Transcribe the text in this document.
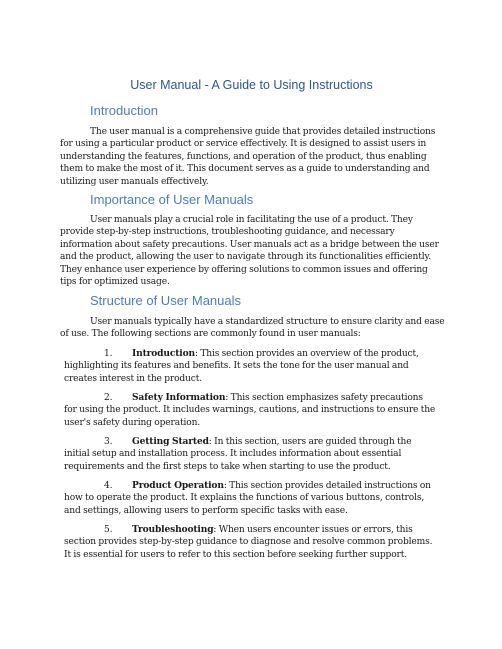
User Manual - A Guide to Using Instructions
Introduction

The user manual is a comprehensive guide that provides detailed instructions for using a particular product or service effectively. It is designed to assist users in understanding the features, functions, and operation of the product, thus enabling them to make the most of it. This document serves as a guide to understanding and utilizing user manuals effectively.

Importance of User Manuals

User manuals play a crucial role in facilitating the use of a product. They provide step-by-step instructions, troubleshooting guidance, and necessary information about safety precautions. User manuals act as a bridge between the user and the product, allowing the user to navigate through its functionalities efficiently. They enhance user experience by offering solutions to common issues and offering tips for optimized usage.

Structure of User Manuals

User manuals typically have a standardized structure to ensure clarity and ease of use. The following sections are commonly found in user manuals:

1. Introduction: This section provides an overview of the product, highlighting its features and benefits. It sets the tone for the user manual and creates interest in the product.

2. Safety Information: This section emphasizes safety precautions for using the product. It includes warnings, cautions, and instructions to ensure the user's safety during operation.

3. Getting Started: In this section, users are guided through the initial setup and installation process. It includes information about essential requirements and the first steps to take when starting to use the product.

4. Product Operation: This section provides detailed instructions on how to operate the product. It explains the functions of various buttons, controls, and settings, allowing users to perform specific tasks with ease.

5. Troubleshooting: When users encounter issues or errors, this section provides step-by-step guidance to diagnose and resolve common problems. It is essential for users to refer to this section before seeking further support.
